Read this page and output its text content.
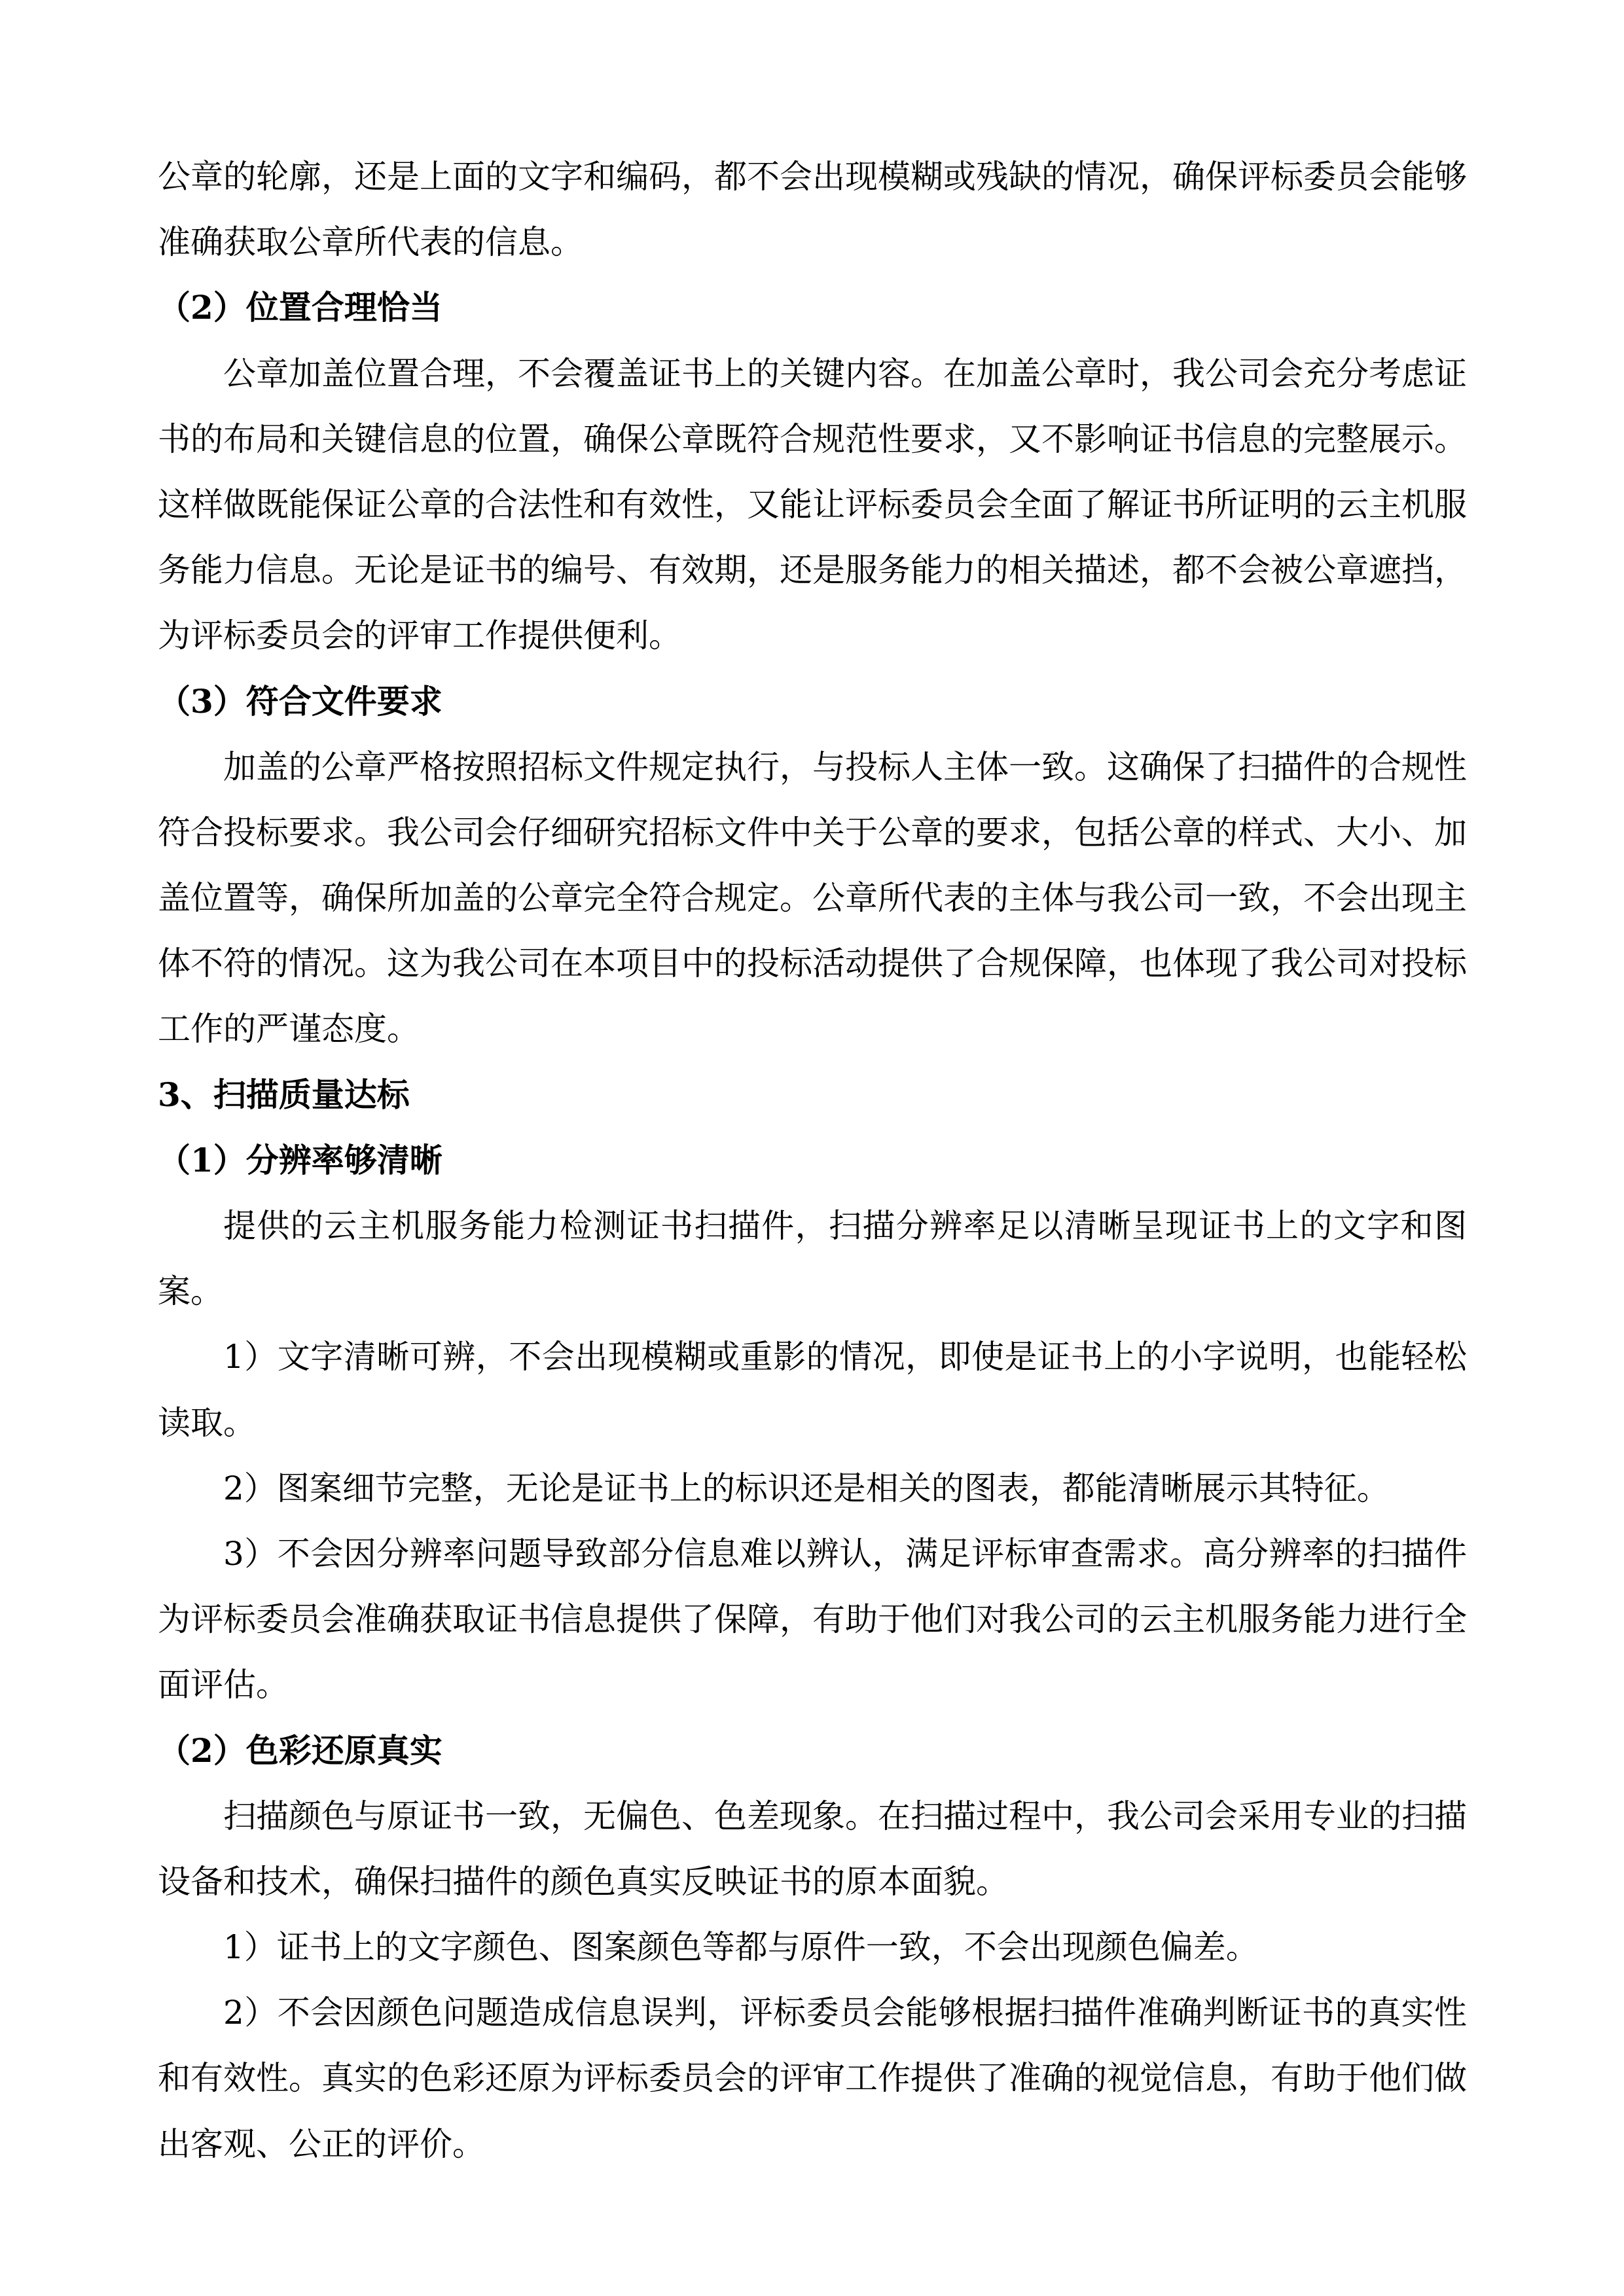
公章的轮廓，还是上面的文字和编码，都不会出现模糊或残缺的情况，确保评标委员会能够
准确获取公章所代表的信息。
（2）位置合理恰当
公章加盖位置合理，不会覆盖证书上的关键内容。在加盖公章时，我公司会充分考虑证
书的布局和关键信息的位置，确保公章既符合规范性要求，又不影响证书信息的完整展示。
这样做既能保证公章的合法性和有效性，又能让评标委员会全面了解证书所证明的云主机服
务能力信息。无论是证书的编号、有效期，还是服务能力的相关描述，都不会被公章遮挡，
为评标委员会的评审工作提供便利。
（3）符合文件要求
加盖的公章严格按照招标文件规定执行，与投标人主体一致。这确保了扫描件的合规性
符合投标要求。我公司会仔细研究招标文件中关于公章的要求，包括公章的样式、大小、加
盖位置等，确保所加盖的公章完全符合规定。公章所代表的主体与我公司一致，不会出现主
体不符的情况。这为我公司在本项目中的投标活动提供了合规保障，也体现了我公司对投标
工作的严谨态度。
3、扫描质量达标
（1）分辨率够清晰
提供的云主机服务能力检测证书扫描件，扫描分辨率足以清晰呈现证书上的文字和图
案。
1）文字清晰可辨，不会出现模糊或重影的情况，即使是证书上的小字说明，也能轻松
读取。
2）图案细节完整，无论是证书上的标识还是相关的图表，都能清晰展示其特征。
3）不会因分辨率问题导致部分信息难以辨认，满足评标审查需求。高分辨率的扫描件
为评标委员会准确获取证书信息提供了保障，有助于他们对我公司的云主机服务能力进行全
面评估。
（2）色彩还原真实
扫描颜色与原证书一致，无偏色、色差现象。在扫描过程中，我公司会采用专业的扫描
设备和技术，确保扫描件的颜色真实反映证书的原本面貌。
1）证书上的文字颜色、图案颜色等都与原件一致，不会出现颜色偏差。
2）不会因颜色问题造成信息误判，评标委员会能够根据扫描件准确判断证书的真实性
和有效性。真实的色彩还原为评标委员会的评审工作提供了准确的视觉信息，有助于他们做
出客观、公正的评价。
